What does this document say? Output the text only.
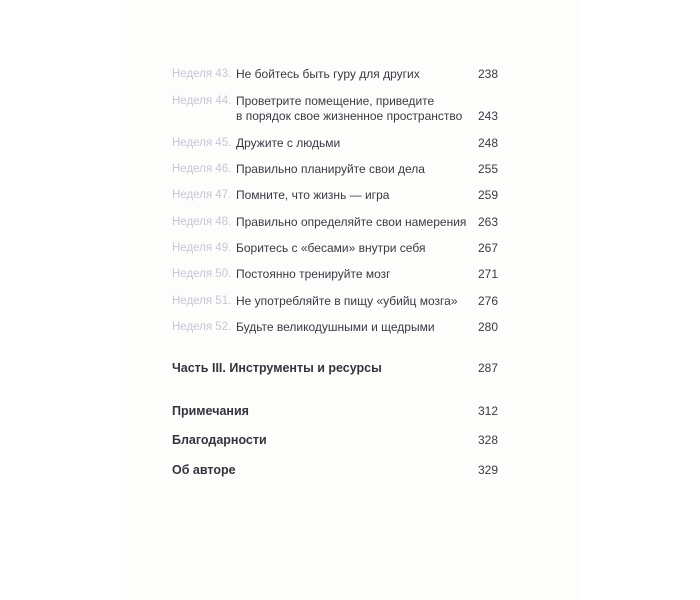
Неделя 43. Не бойтесь быть гуру для других	238
Неделя 44. Проветрите помещение, приведите
в порядок свое жизненное пространство	243
Неделя 45. Дружите с людьми	248
Неделя 46. Правильно планируйте свои дела	255
Неделя 47. Помните, что жизнь — игра	259
Неделя 48. Правильно определяйте свои намерения 263
Неделя 49. Боритесь с «бесами» внутри себя	267
Неделя 50. Постоянно тренируйте мозг	271
Неделя 51. Не употребляйте в пищу «убийц мозга»	276
Неделя 52. Будьте великодушными и щедрыми	280
Часть III. Инструменты и ресурсы	287
Примечания	312
Благодарности	328
Об авторе	329
